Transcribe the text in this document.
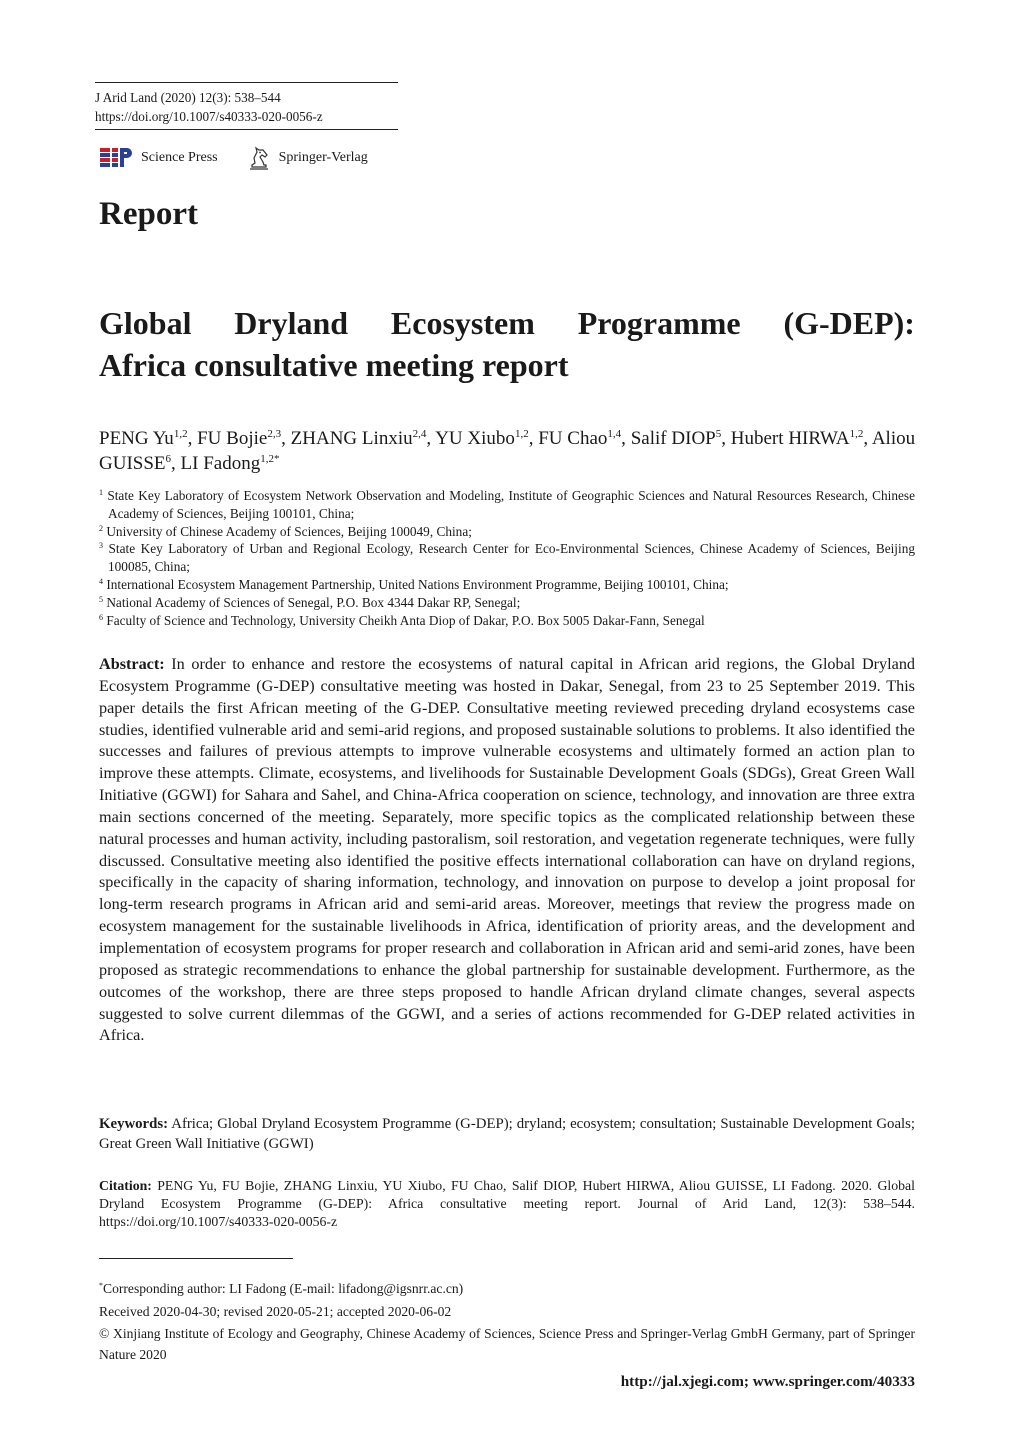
J Arid Land (2020) 12(3): 538–544
https://doi.org/10.1007/s40333-020-0056-z
Science Press	Springer-Verlag
Report
Global Dryland Ecosystem Programme (G-DEP):
Africa consultative meeting report
PENG Yu$^{1,2}$, FU Bojie$^{2,3}$, ZHANG Linxiu$^{2,4}$, YU Xiubo$^{1,2}$, FU Chao$^{1,4}$, Salif DIOP$^5$, Hubert HIRWA$^{1,2}$, Aliou GUISSE$^6$, LI Fadong$^{1,2*}$
$^1$ State Key Laboratory of Ecosystem Network Observation and Modeling, Institute of Geographic Sciences and Natural Resources Research, Chinese Academy of Sciences, Beijing 100101, China;
$^2$ University of Chinese Academy of Sciences, Beijing 100049, China;
$^3$ State Key Laboratory of Urban and Regional Ecology, Research Center for Eco-Environmental Sciences, Chinese Academy of Sciences, Beijing 100085, China;
$^4$ International Ecosystem Management Partnership, United Nations Environment Programme, Beijing 100101, China;
$^5$ National Academy of Sciences of Senegal, P.O. Box 4344 Dakar RP, Senegal;
$^6$ Faculty of Science and Technology, University Cheikh Anta Diop of Dakar, P.O. Box 5005 Dakar-Fann, Senegal
Abstract: In order to enhance and restore the ecosystems of natural capital in African arid regions, the Global Dryland Ecosystem Programme (G-DEP) consultative meeting was hosted in Dakar, Senegal, from 23 to 25 September 2019. This paper details the first African meeting of the G-DEP. Consultative meeting reviewed preceding dryland ecosystems case studies, identified vulnerable arid and semi-arid regions, and proposed sustainable solutions to problems. It also identified the successes and failures of previous attempts to improve vulnerable ecosystems and ultimately formed an action plan to improve these attempts. Climate, ecosystems, and livelihoods for Sustainable Development Goals (SDGs), Great Green Wall Initiative (GGWI) for Sahara and Sahel, and China-Africa cooperation on science, technology, and innovation are three extra main sections concerned of the meeting. Separately, more specific topics as the complicated relationship between these natural processes and human activity, including pastoralism, soil restoration, and vegetation regenerate techniques, were fully discussed. Consultative meeting also identified the positive effects international collaboration can have on dryland regions, specifically in the capacity of sharing information, technology, and innovation on purpose to develop a joint proposal for long-term research programs in African arid and semi-arid areas. Moreover, meetings that review the progress made on ecosystem management for the sustainable livelihoods in Africa, identification of priority areas, and the development and implementation of ecosystem programs for proper research and collaboration in African arid and semi-arid zones, have been proposed as strategic recommendations to enhance the global partnership for sustainable development. Furthermore, as the outcomes of the workshop, there are three steps proposed to handle African dryland climate changes, several aspects suggested to solve current dilemmas of the GGWI, and a series of actions recommended for G-DEP related activities in Africa.
Keywords: Africa; Global Dryland Ecosystem Programme (G-DEP); dryland; ecosystem; consultation; Sustainable Development Goals; Great Green Wall Initiative (GGWI)
Citation: PENG Yu, FU Bojie, ZHANG Linxiu, YU Xiubo, FU Chao, Salif DIOP, Hubert HIRWA, Aliou GUISSE, LI Fadong. 2020. Global Dryland Ecosystem Programme (G-DEP): Africa consultative meeting report. Journal of Arid Land, 12(3): 538–544. https://doi.org/10.1007/s40333-020-0056-z
*Corresponding author: LI Fadong (E-mail: lifadong@igsnrr.ac.cn)
Received 2020-04-30; revised 2020-05-21; accepted 2020-06-02
© Xinjiang Institute of Ecology and Geography, Chinese Academy of Sciences, Science Press and Springer-Verlag GmbH Germany, part of Springer Nature 2020
http://jal.xjegi.com; www.springer.com/40333
